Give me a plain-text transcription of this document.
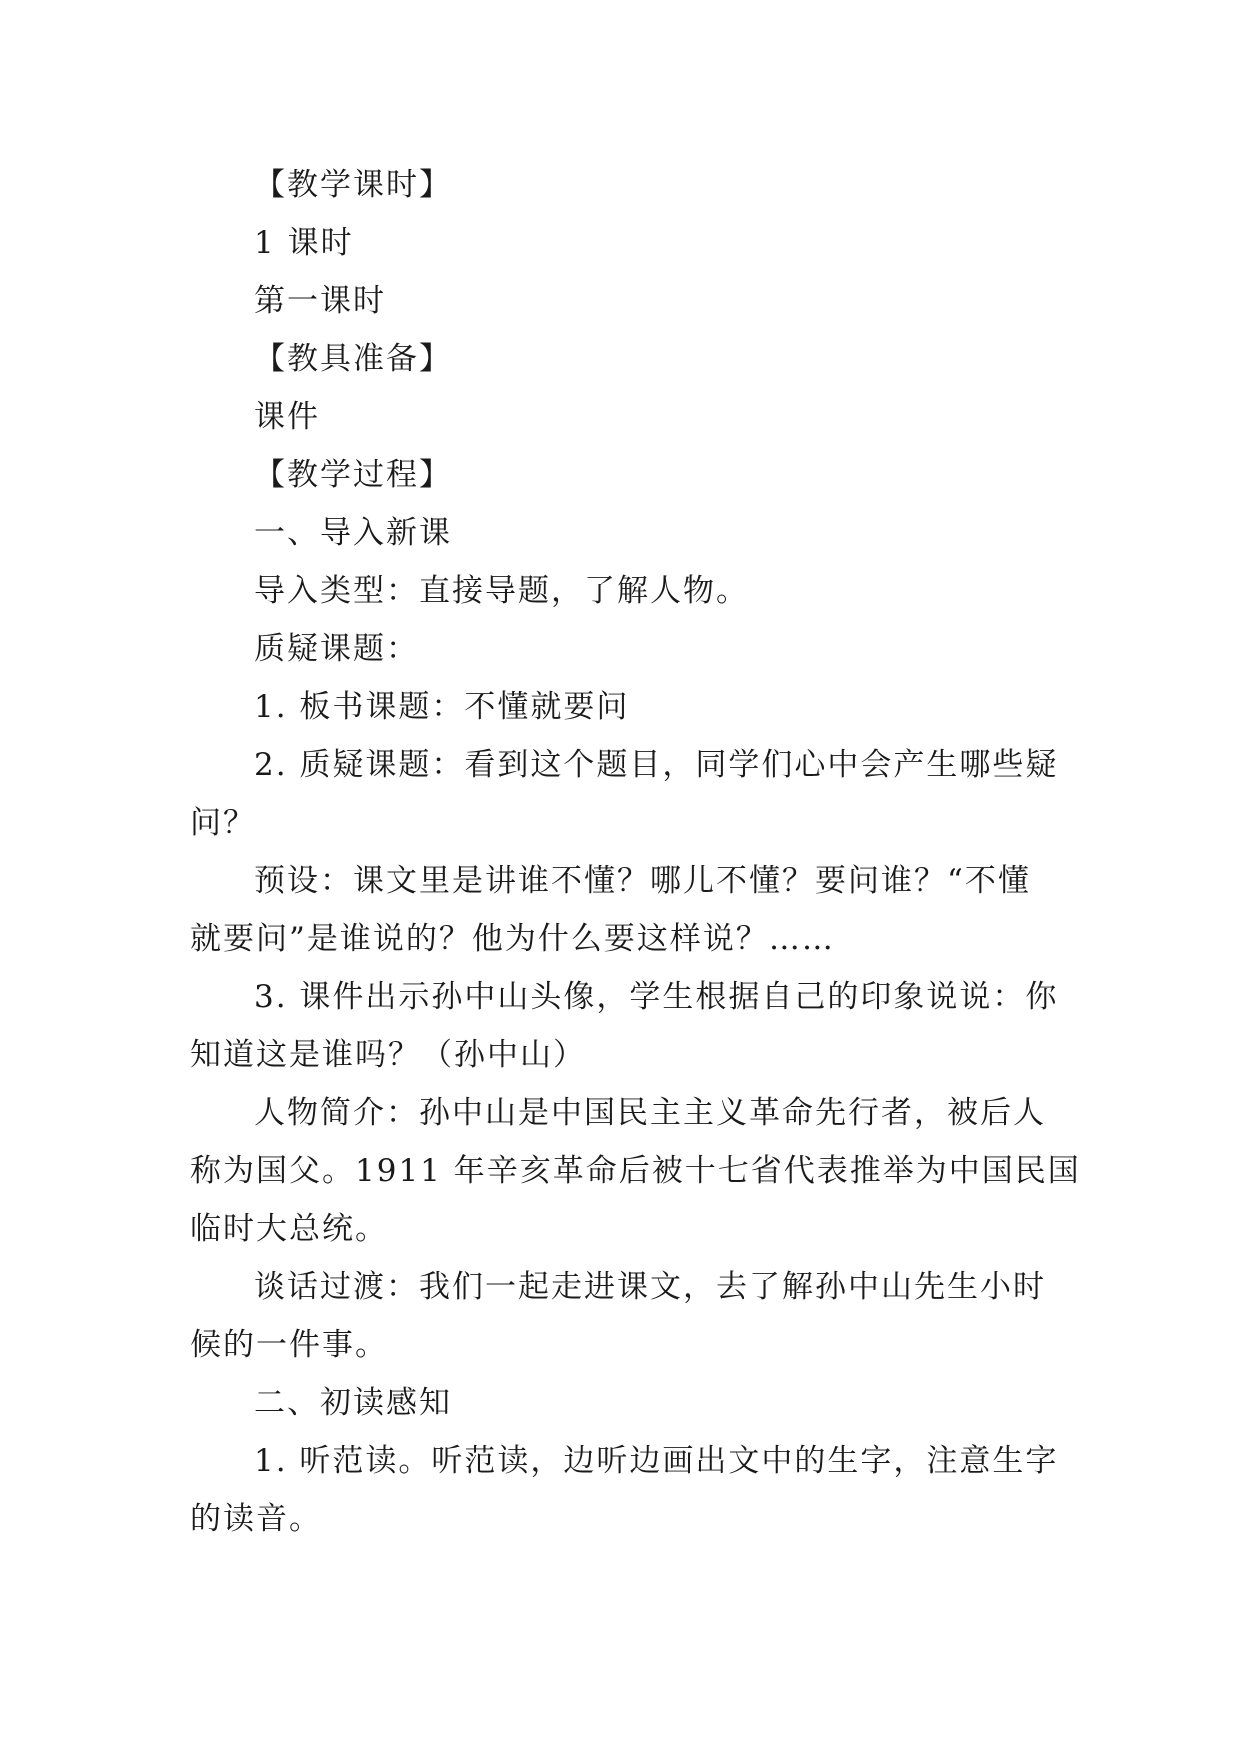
【教学课时】
1 课时
第一课时
【教具准备】
课件
【教学过程】
一、导入新课
导入类型：直接导题，了解人物。
质疑课题：
1. 板书课题：不懂就要问
2. 质疑课题：看到这个题目，同学们心中会产生哪些疑
问？
预设：课文里是讲谁不懂？哪儿不懂？要问谁？“不懂
就要问”是谁说的？他为什么要这样说？……
3. 课件出示孙中山头像，学生根据自己的印象说说：你
知道这是谁吗？（孙中山）
人物简介：孙中山是中国民主主义革命先行者，被后人
称为国父。1911 年辛亥革命后被十七省代表推举为中国民国
临时大总统。
谈话过渡：我们一起走进课文，去了解孙中山先生小时
候的一件事。
二、初读感知
1. 听范读。听范读，边听边画出文中的生字，注意生字
的读音。
